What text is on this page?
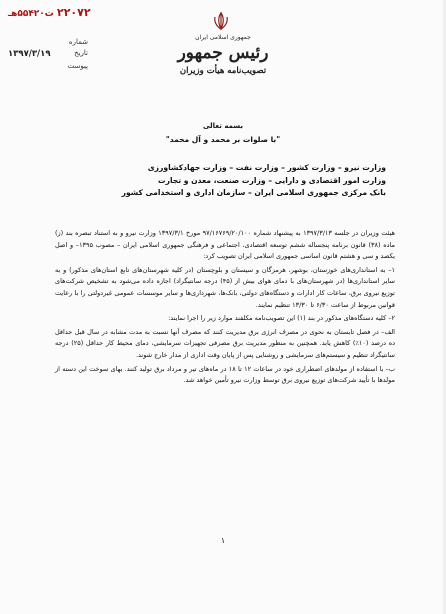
۲۲۰۷۲ ت۵۵۴۲۰هـ
شماره
تاریخ
۱۳۹۷/۳/۱۹
پیوست
جمهوری اسلامی ایران
رئیس جمهور
تصویب‌نامه هیأت وزیران
بسمه تعالی
"با صلوات بر محمد و آل محمد"
وزارت نیرو – وزارت کشور – وزارت نفت – وزارت جهادکشاورزی
وزارت امور اقتصادی و دارایی – وزارت صنعت، معدن و تجارت
بانک مرکزی جمهوری اسلامی ایران – سازمان اداری و استخدامی کشور

هیئت وزیران در جلسه ۱۳۹۷/۳/۱۳ به پیشنهاد شماره ۹۷/۱۶۷۶۹/۲۰/۱۰۰ مورخ ۱۳۹۷/۳/۱ وزارت نیرو و به استناد تبصره بند (ز) ماده (۳۸) قانون برنامه پنجساله ششم توسعه اقتصادی، اجتماعی و فرهنگی جمهوری اسلامی ایران – مصوب ۱۳۹۵– و اصل یکصد و سی و هشتم قانون اساسی جمهوری اسلامی ایران تصویب کرد:

۱– به استانداری‌های خوزستان، بوشهر، هرمزگان و سیستان و بلوچستان (در کلیه شهرستان‌های تابع استان‌های مذکور) و به سایر استانداری‌ها (در شهرستان‌های با دمای هوای بیش از (۴۵) درجه سانتیگراد) اجازه داده می‌شود به تشخیص شرکت‌های توزیع نیروی برق، ساعات کار ادارات و دستگاه‌های دولتی، بانک‌ها، شهرداری‌ها و سایر موسسات عمومی غیردولتی را با رعایت قوانین مربوط از ساعت ۶/۳۰ تا ۱۳/۳۰ تنظیم نمایند.

۲– کلیه دستگاه‌های مذکور در بند (۱) این تصویب‌نامه مکلفند موارد زیر را اجرا نمایند:

الف– در فصل تابستان به نحوی در مصرف انرژی برق مدیریت کنند که مصرف آنها نسبت به مدت مشابه در سال قبل حداقل ده درصد (۱۰٪) کاهش یابد. همچنین به منظور مدیریت برق مصرفی تجهیزات سرمایشی، دمای محیط کار حداقل (۲۵) درجه سانتیگراد تنظیم و سیستم‌های سرمایشی و روشنایی پس از پایان وقت اداری از مدار خارج شوند.

ب– با استفاده از مولدهای اضطراری خود در ساعات ۱۲ تا ۱۸ در ماه‌های تیر و مرداد برق تولید کنند. بهای سوخت این دسته از مولدها با تأیید شرکت‌های توزیع نیروی برق توسط وزارت نیرو تأمین خواهد شد.

۱
